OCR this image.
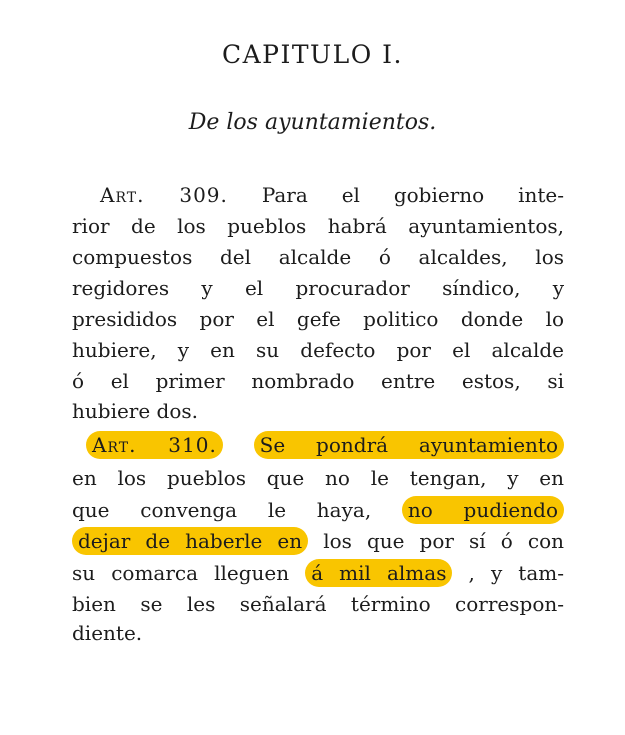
CAPITULO I.
De los ayuntamientos.
Art. 309. Para el gobierno inte-
rior de los pueblos habrá ayuntamientos,
compuestos del alcalde ó alcaldes, los
regidores y el procurador síndico, y
presididos por el gefe politico donde lo
hubiere, y en su defecto por el alcalde
ó el primer nombrado entre estos, si
hubiere dos.
Art. 310. Se pondrá ayuntamiento
en los pueblos que no le tengan, y en
que convenga le haya, no pudiendo
dejar de haberle en los que por sí ó con
su comarca lleguen á mil almas , y tam-
bien se les señalará término correspon-
diente.
